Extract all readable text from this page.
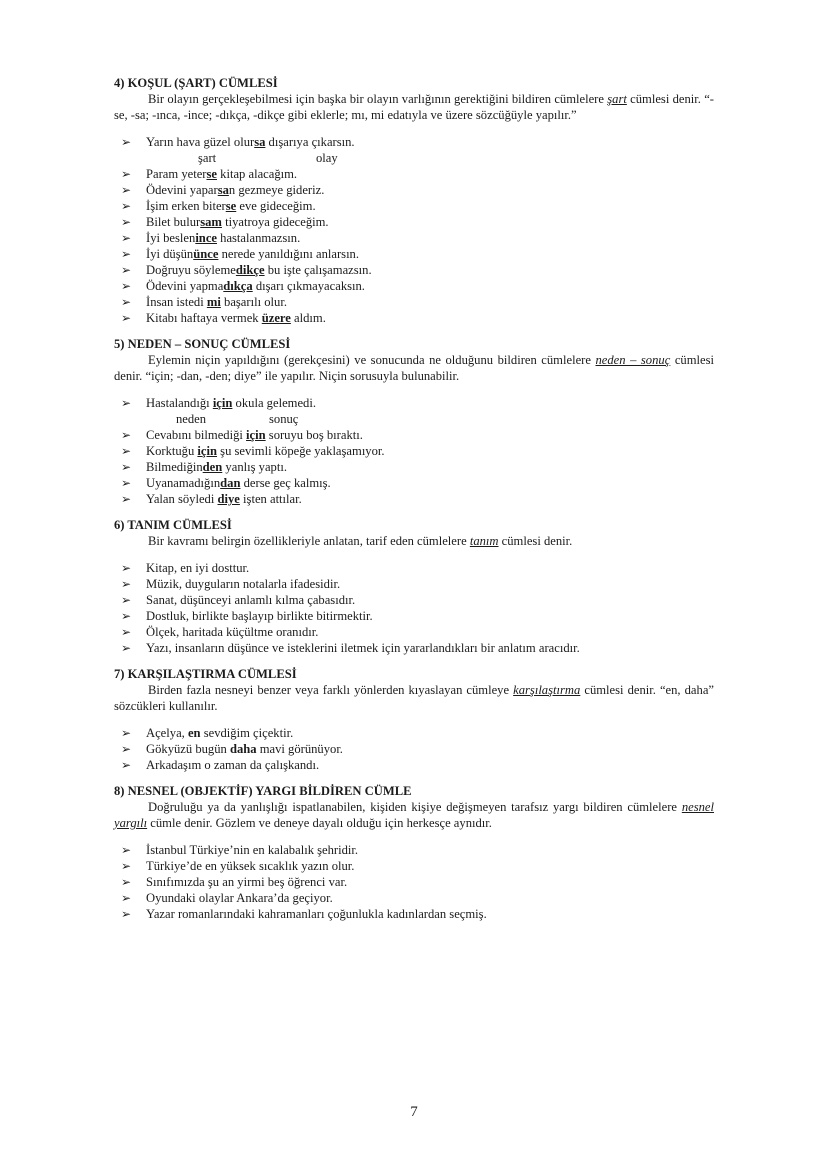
4) KOŞUL (ŞART) CÜMLESİ

Bir olayın gerçekleşebilmesi için başka bir olayın varlığının gerektiğini bildiren cümlelere şart cümlesi denir. “-se, -sa; -ınca, -ince; -dıkça, -dikçe gibi eklerle; mı, mi edatıyla ve üzere sözcüğüyle yapılır.”

➢ Yarın hava güzel olursa dışarıya çıkarsın.
şart	olay
➢ Param yeterse kitap alacağım.
➢ Ödevini yaparsan gezmeye gideriz.
➢ İşim erken biterse eve gideceğim.
➢ Bilet bulursam tiyatroya gideceğim.
➢ İyi beslenince hastalanmazsın.
➢ İyi düşününce nerede yanıldığını anlarsın.
➢ Doğruyu söylemedikçe bu işte çalışamazsın.
➢ Ödevini yapmadıkça dışarı çıkmayacaksın.
➢ İnsan istedi mi başarılı olur.
➢ Kitabı haftaya vermek üzere aldım.
5) NEDEN – SONUÇ CÜMLESİ

Eylemin niçin yapıldığını (gerekçesini) ve sonucunda ne olduğunu bildiren cümlelere neden – sonuç cümlesi denir. “için; -dan, -den; diye” ile yapılır. Niçin sorusuyla bulunabilir.

➢ Hastalandığı için okula gelemedi.
neden	sonuç
➢ Cevabını bilmediği için soruyu boş bıraktı.
➢ Korktuğu için şu sevimli köpeğe yaklaşamıyor.
➢ Bilmediğinden yanlış yaptı.
➢ Uyanamadığından derse geç kalmış.
➢ Yalan söyledi diye işten attılar.
6) TANIM CÜMLESİ

Bir kavramı belirgin özellikleriyle anlatan, tarif eden cümlelere tanım cümlesi denir.

➢ Kitap, en iyi dosttur.
➢ Müzik, duyguların notalarla ifadesidir.
➢ Sanat, düşünceyi anlamlı kılma çabasıdır.
➢ Dostluk, birlikte başlayıp birlikte bitirmektir.
➢ Ölçek, haritada küçültme oranıdır.
➢ Yazı, insanların düşünce ve isteklerini iletmek için yararlandıkları bir anlatım aracıdır.
7) KARŞILAŞTIRMA CÜMLESİ

Birden fazla nesneyi benzer veya farklı yönlerden kıyaslayan cümleye karşılaştırma cümlesi denir. “en, daha” sözcükleri kullanılır.

➢ Açelya, en sevdiğim çiçektir.
➢ Gökyüzü bugün daha mavi görünüyor.
➢ Arkadaşım o zaman da çalışkandı.
8) NESNEL (OBJEKTİF) YARGI BİLDİREN CÜMLE

Doğruluğu ya da yanlışlığı ispatlanabilen, kişiden kişiye değişmeyen tarafsız yargı bildiren cümlelere nesnel yargılı cümle denir. Gözlem ve deneye dayalı olduğu için herkesçe aynıdır.

➢ İstanbul Türkiye’nin en kalabalık şehridir.
➢ Türkiye’de en yüksek sıcaklık yazın olur.
➢ Sınıfımızda şu an yirmi beş öğrenci var.
➢ Oyundaki olaylar Ankara’da geçiyor.
➢ Yazar romanlarındaki kahramanları çoğunlukla kadınlardan seçmiş.
7
